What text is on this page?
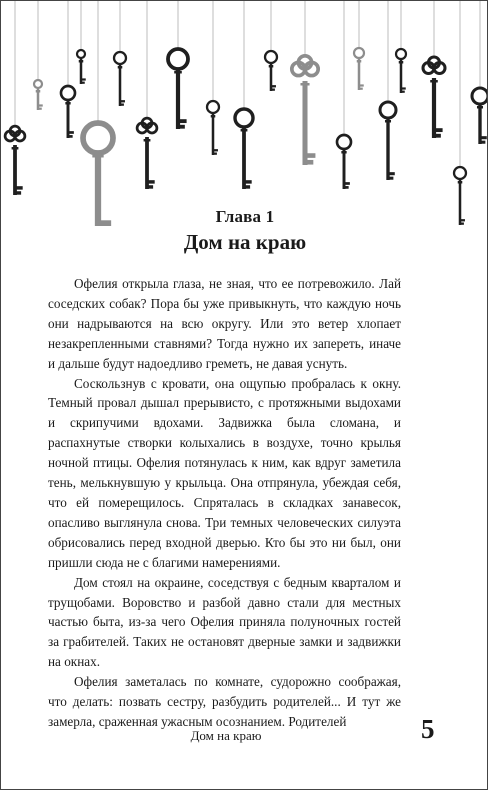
Глава 1
Дом на краю

Офелия открыла глаза, не зная, что ее потревожило. Лай соседских собак? Пора бы уже привыкнуть, что каждую ночь они надрываются на всю округу. Или это ветер хлопает незакрепленными ставнями? Тогда нужно их запереть, иначе и дальше будут надоедливо греметь, не давая уснуть.

Соскользнув с кровати, она ощупью пробралась к окну. Темный провал дышал прерывисто, с протяжными выдохами и скрипучими вдохами. Задвижка была сломана, и распахнутые створки колыхались в воздухе, точно крылья ночной птицы. Офелия потянулась к ним, как вдруг заметила тень, мелькнувшую у крыльца. Она отпрянула, убеждая себя, что ей померещилось. Спряталась в складках занавесок, опасливо выглянула снова. Три темных человеческих силуэта обрисовались перед входной дверью. Кто бы это ни был, они пришли сюда не с благими намерениями.

Дом стоял на окраине, соседствуя с бедным кварталом и трущобами. Воровство и разбой давно стали для местных частью быта, из-за чего Офелия приняла полуночных гостей за грабителей. Таких не остановят дверные замки и задвижки на окнах.

Офелия заметалась по комнате, судорожно соображая, что делать: позвать сестру, разбудить родителей... И тут же замерла, сраженная ужасным осознанием. Родителей

Дом на краю	5
